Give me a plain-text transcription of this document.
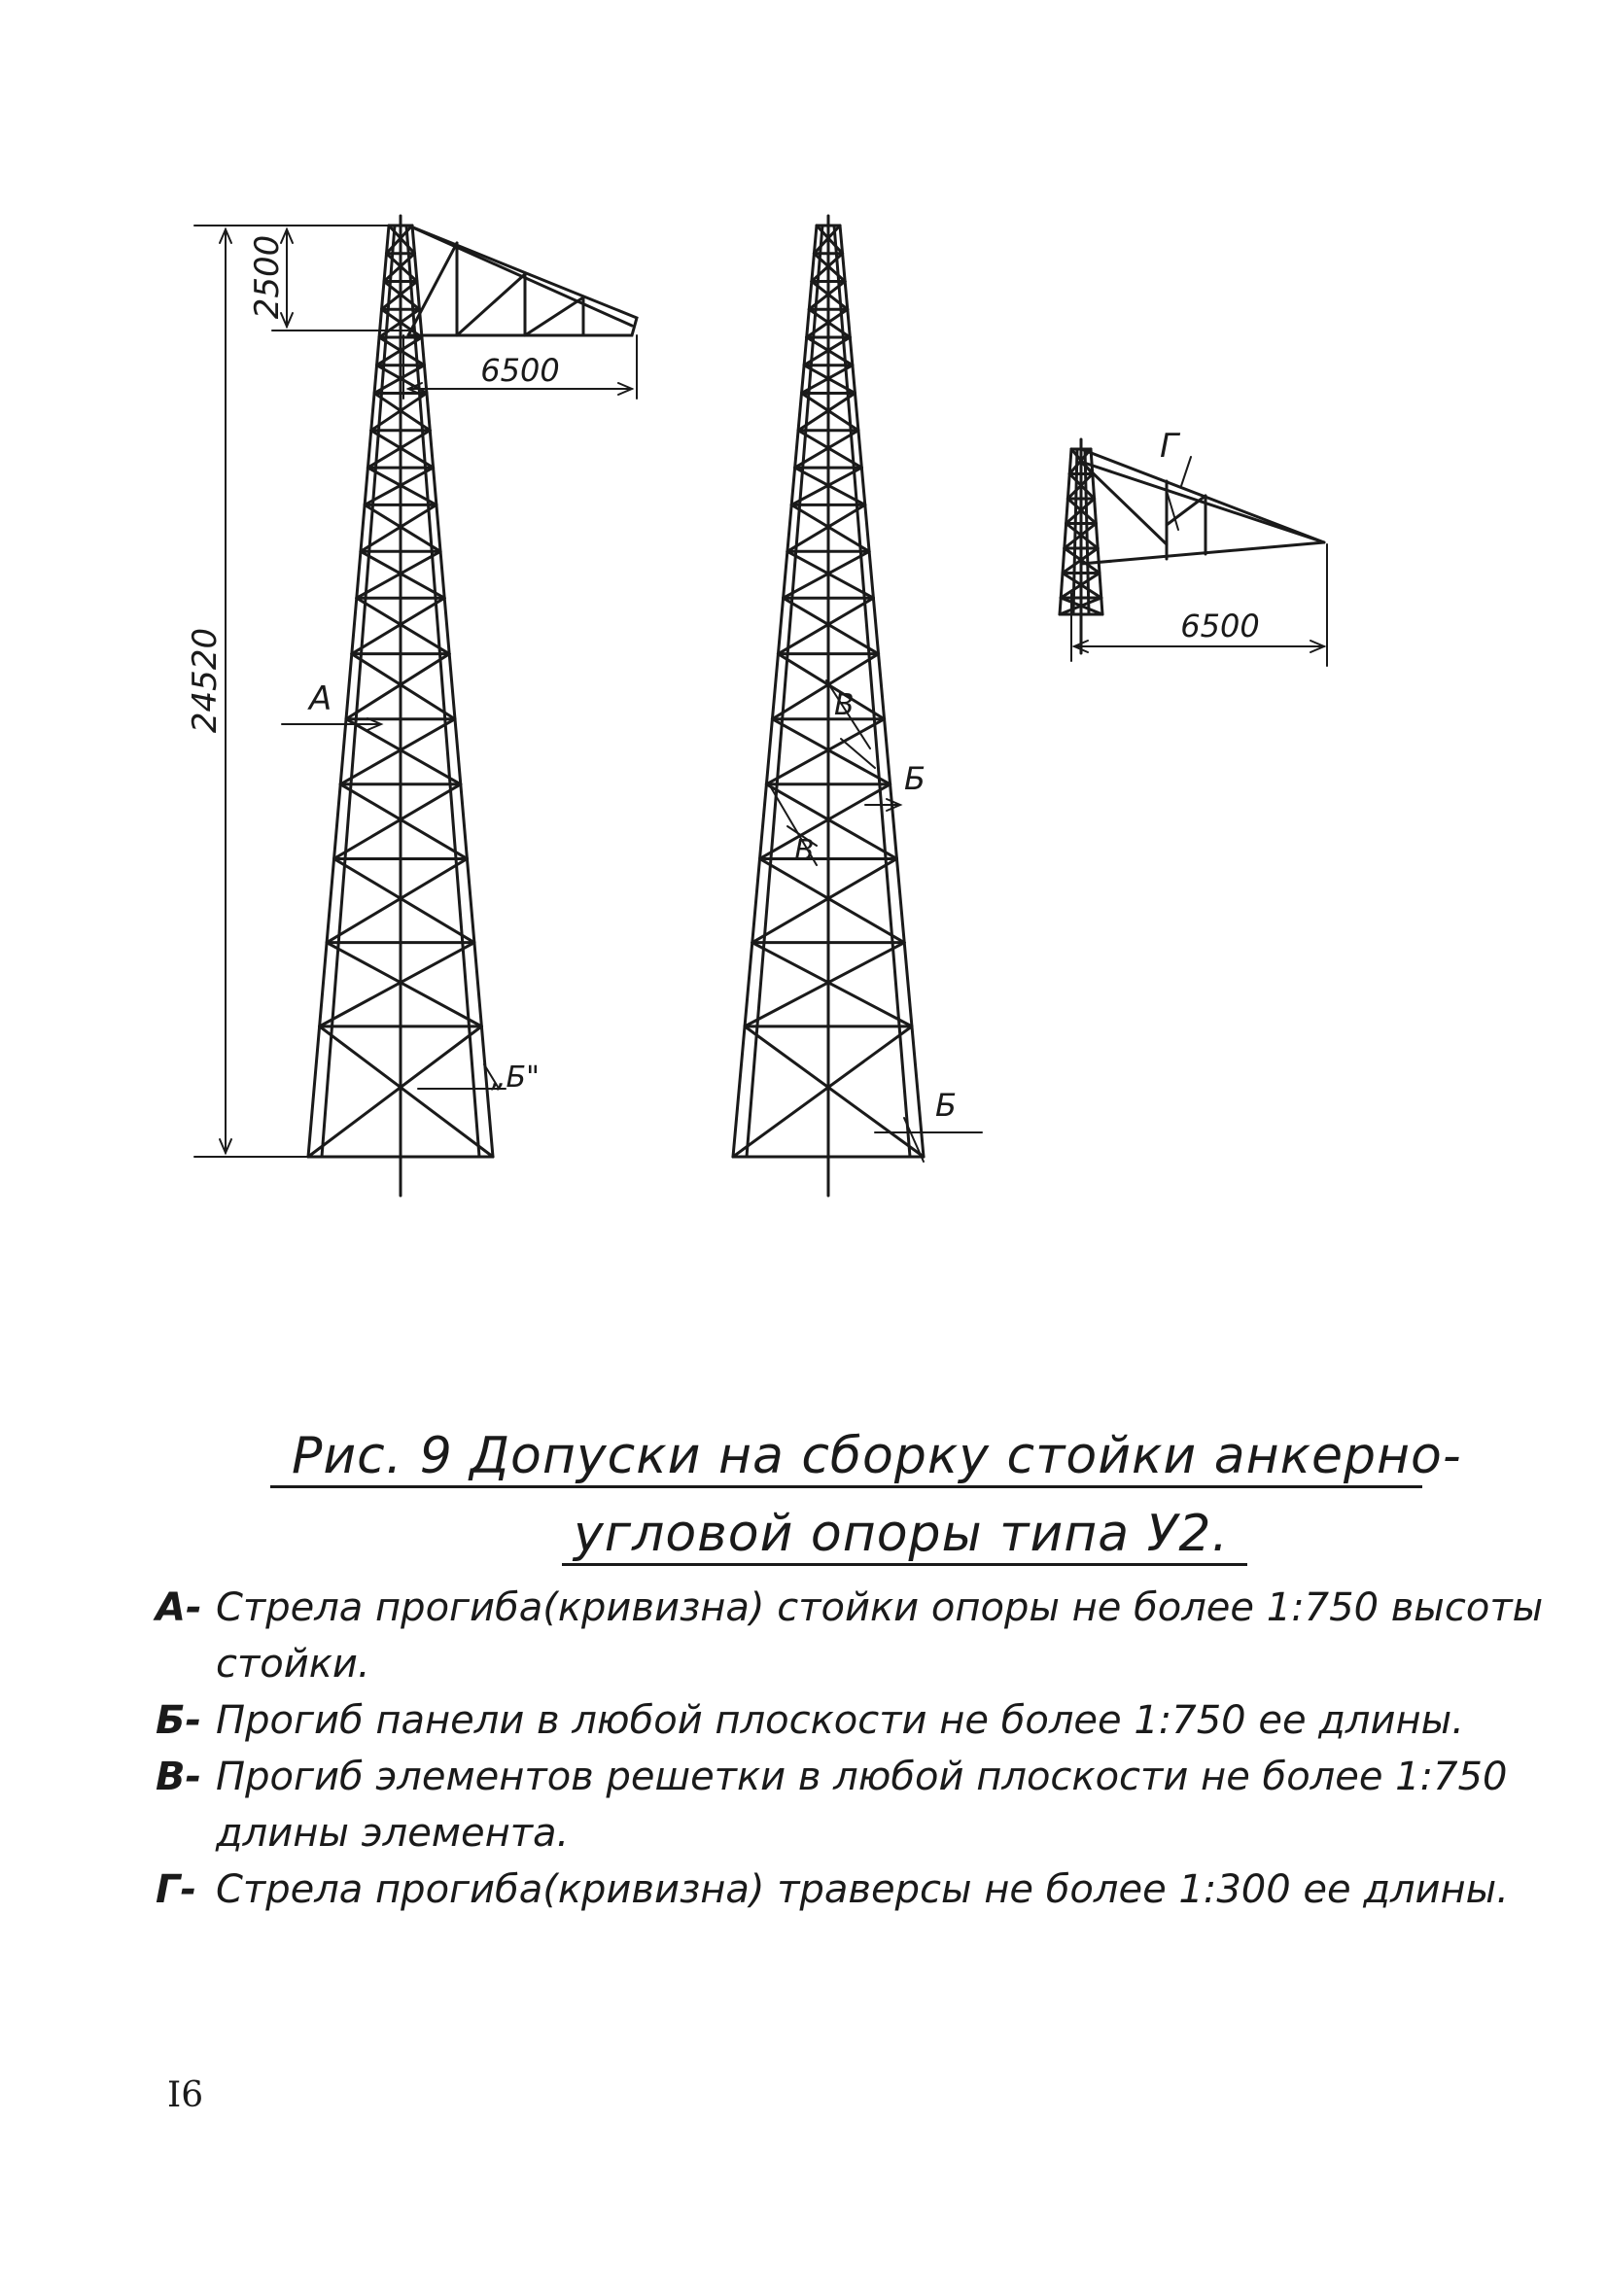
24520
2500
6500
А
„Б"
В
В
Б
Б
6500
Г
Рис. 9 Допуски на сборку стойки анкерно-
угловой опоры типа У2.
А- Стрела прогиба(кривизна) стойки опоры не более 1:750 высоты стойки.
Б- Прогиб панели в любой плоскости не более 1:750 ее длины.
В- Прогиб элементов решетки в любой плоскости не более 1:750 длины элемента.
Г- Стрела прогиба(кривизна) траверсы не более 1:300 ее длины.
I6
